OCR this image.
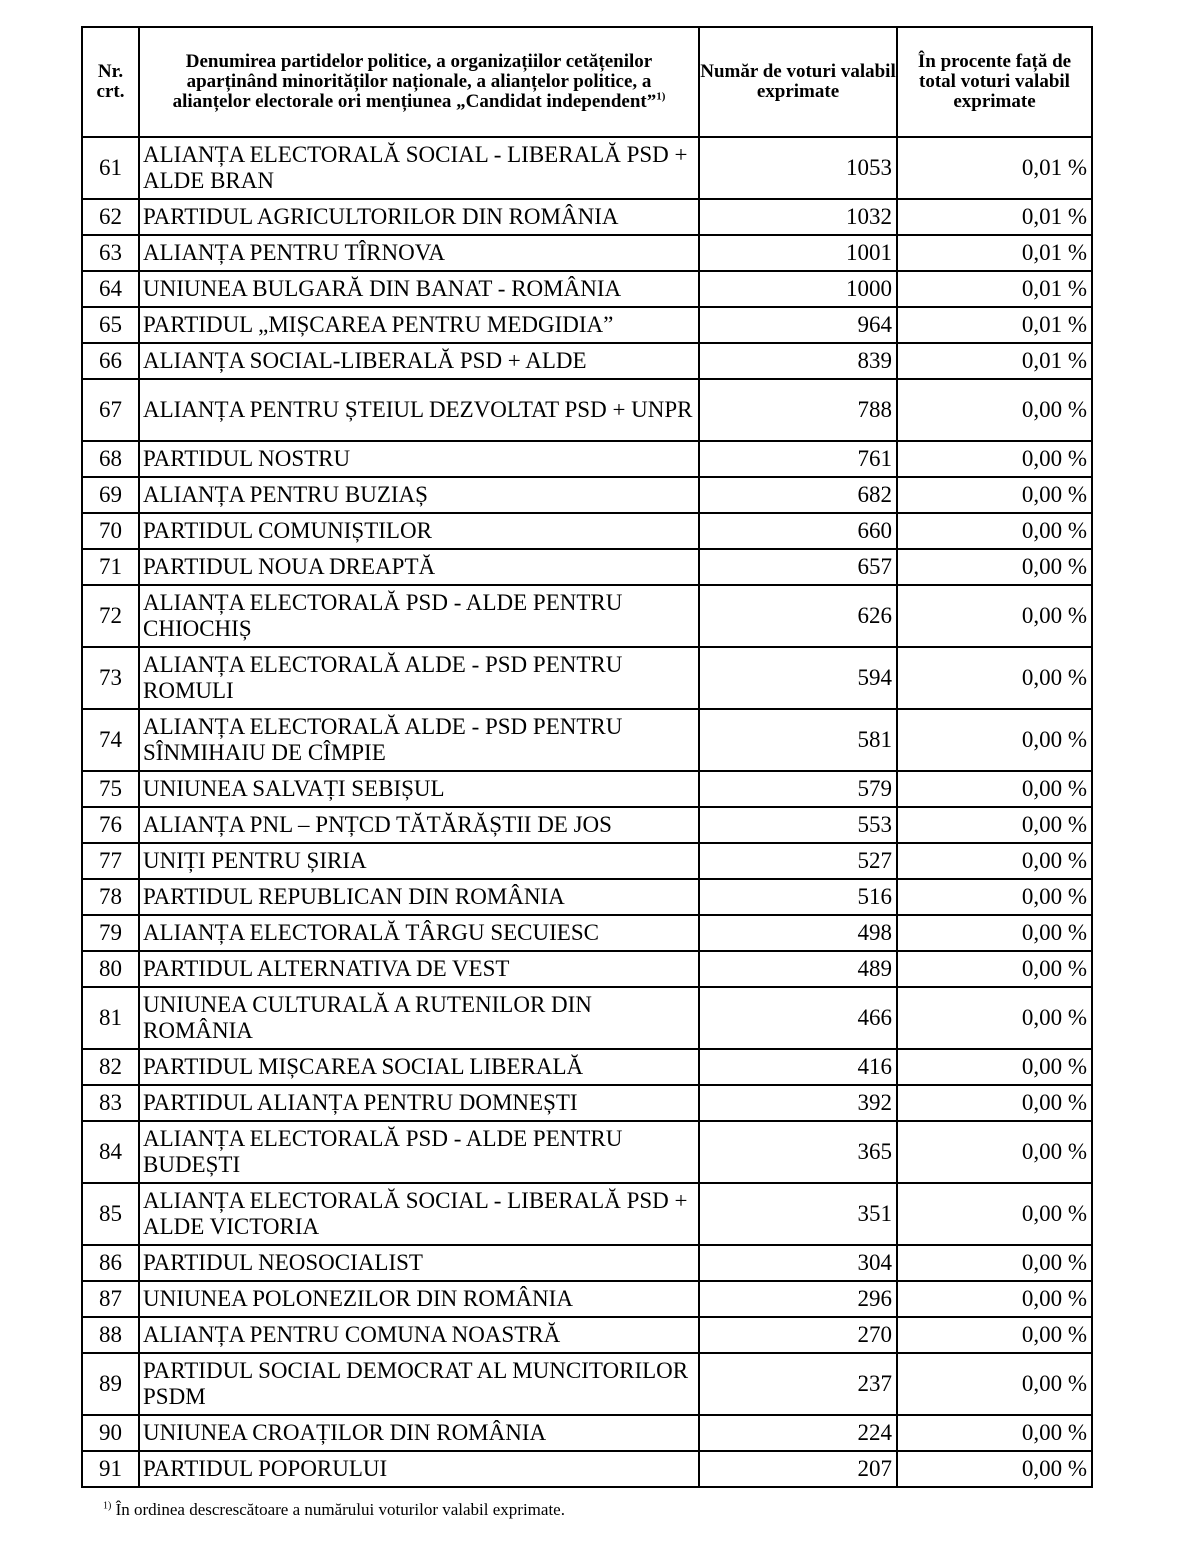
Nr. crt.	Denumirea partidelor politice, a organizațiilor cetățenilor aparținând minorităților naționale, a alianțelor politice, a alianțelor electorale ori mențiunea „Candidat independent”$^{1)}$	Număr de voturi valabil exprimate	În procente față de total voturi valabil exprimate
61	ALIANȚA ELECTORALĂ SOCIAL - LIBERALĂ PSD + ALDE BRAN	1053	0,01 %
62	PARTIDUL AGRICULTORILOR DIN ROMÂNIA	1032	0,01 %
63	ALIANȚA PENTRU TÎRNOVA	1001	0,01 %
64	UNIUNEA BULGARĂ DIN BANAT - ROMÂNIA	1000	0,01 %
65	PARTIDUL „MIȘCAREA PENTRU MEDGIDIA”	964	0,01 %
66	ALIANȚA SOCIAL-LIBERALĂ PSD + ALDE	839	0,01 %
67	ALIANȚA PENTRU ȘTEIUL DEZVOLTAT PSD + UNPR	788	0,00 %
68	PARTIDUL NOSTRU	761	0,00 %
69	ALIANȚA PENTRU BUZIAȘ	682	0,00 %
70	PARTIDUL COMUNIȘTILOR	660	0,00 %
71	PARTIDUL NOUA DREAPTĂ	657	0,00 %
72	ALIANȚA ELECTORALĂ PSD - ALDE PENTRU CHIOCHIȘ	626	0,00 %
73	ALIANȚA ELECTORALĂ ALDE - PSD PENTRU ROMULI	594	0,00 %
74	ALIANȚA ELECTORALĂ ALDE - PSD PENTRU SÎNMIHAIU DE CÎMPIE	581	0,00 %
75	UNIUNEA SALVAȚI SEBIȘUL	579	0,00 %
76	ALIANȚA PNL – PNȚCD TĂTĂRĂȘTII DE JOS	553	0,00 %
77	UNIȚI PENTRU ȘIRIA	527	0,00 %
78	PARTIDUL REPUBLICAN DIN ROMÂNIA	516	0,00 %
79	ALIANȚA ELECTORALĂ TÂRGU SECUIESC	498	0,00 %
80	PARTIDUL ALTERNATIVA DE VEST	489	0,00 %
81	UNIUNEA CULTURALĂ A RUTENILOR DIN ROMÂNIA	466	0,00 %
82	PARTIDUL MIȘCAREA SOCIAL LIBERALĂ	416	0,00 %
83	PARTIDUL ALIANȚA PENTRU DOMNEȘTI	392	0,00 %
84	ALIANȚA ELECTORALĂ PSD - ALDE PENTRU BUDEȘTI	365	0,00 %
85	ALIANȚA ELECTORALĂ SOCIAL - LIBERALĂ PSD + ALDE VICTORIA	351	0,00 %
86	PARTIDUL NEOSOCIALIST	304	0,00 %
87	UNIUNEA POLONEZILOR DIN ROMÂNIA	296	0,00 %
88	ALIANȚA PENTRU COMUNA NOASTRĂ	270	0,00 %
89	PARTIDUL SOCIAL DEMOCRAT AL MUNCITORILOR PSDM	237	0,00 %
90	UNIUNEA CROAȚILOR DIN ROMÂNIA	224	0,00 %
91	PARTIDUL POPORULUI	207	0,00 %
$^{1)}$ În ordinea descrescătoare a numărului voturilor valabil exprimate.
